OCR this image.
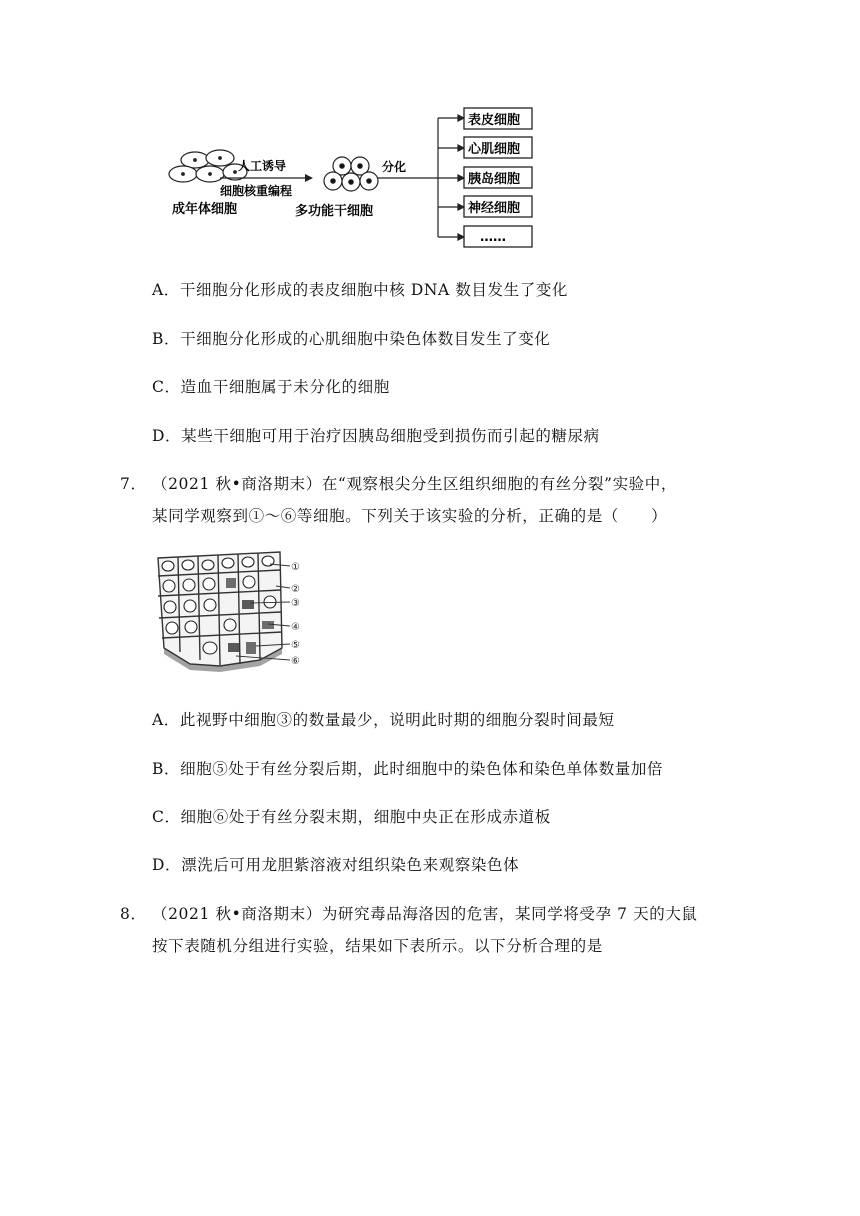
成年体细胞
人工诱导
细胞核重编程
多功能干细胞
分化
表皮细胞
心肌细胞
胰岛细胞
神经细胞
……
A．干细胞分化形成的表皮细胞中核 DNA 数目发生了变化
B．干细胞分化形成的心肌细胞中染色体数目发生了变化
C．造血干细胞属于未分化的细胞
D．某些干细胞可用于治疗因胰岛细胞受到损伤而引起的糖尿病
7． （2021 秋•商洛期末）在“观察根尖分生区组织细胞的有丝分裂”实验中，
某同学观察到①～⑥等细胞。下列关于该实验的分析，正确的是（　　）
①
②
③
④
⑤
⑥
A．此视野中细胞③的数量最少，说明此时期的细胞分裂时间最短
B．细胞⑤处于有丝分裂后期，此时细胞中的染色体和染色单体数量加倍
C．细胞⑥处于有丝分裂末期，细胞中央正在形成赤道板
D．漂洗后可用龙胆紫溶液对组织染色来观察染色体
8． （2021 秋•商洛期末）为研究毒品海洛因的危害，某同学将受孕 7 天的大鼠
按下表随机分组进行实验，结果如下表所示。以下分析合理的是
